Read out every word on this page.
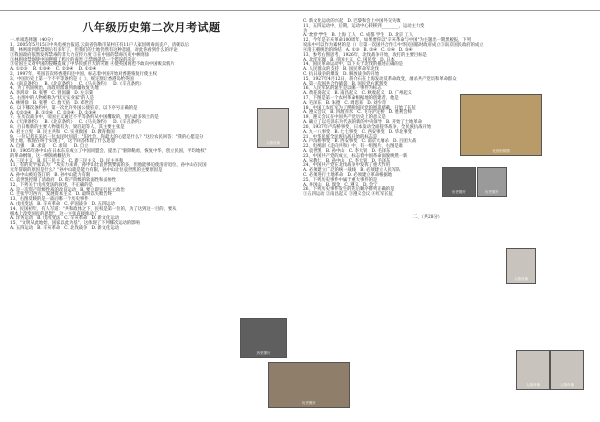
八年级历史第二次月考试题

一.单项选择题（40分）

1、2005年5月15日中央电视台报道,云南省弥勒市某村庄有11户人家因吸毒而丧户，清朝以后

期，林则徐到新禁烟后有多年了，但我们的土地仍然有这种悲剧，对此你看到什么的评论

①我国政府依然发挥禁毒的非大力宣传力度 ②在中国的禁毒历史中林则徐

①林则徐禁烟使中国摆脱了鸦片的毒害 ②禁烟就是一个错误的决定

③帝国主义对中国的侵略造成了中华民族巨大的灾难 ④使英国再也不敢向中国贩卖鸦片

A. ①②③    B. ①③④    C. ②③④    D. ①②④

2、1997年，英国首次将香港归还中国，标志着中国开始对香港恢复行使主权

3、中国历史上第一个不平等条约是《  》，规定割让香港岛给英国

A.《南京条约》   B.《北京条约》   C.《马关条约》   D.《辛丑条约》

4、为了巩固统治，清政府派谁到新疆收复失地

A. 李鸿章   B. 张謇   C. 曾国藩   D. 左宗棠

5、右图中的人物被称为"状元实业家"的人是

A. 林则徐   B. 张謇   C. 詹天佑   D. 邓世昌

6、以下哪次条约中，第一次允许外国公使驻京，以下序号正确的是

A. ①②③④   B. ①②④   C. ②③④   D. ①③④

7、在历次战争中，帝国主义通过不平等条约从中国攫取的，割占最多领土的是

A.《天津条约》   B.《北京条约》   C.《马关条约》   D.《辛丑条约》

8、百日维新的主要人物康有为、梁启超等人，其主要主张是

A. 君主立宪   B. 民主共和   C. 实业救国   D. 教育救国

9、一位记者在采访一位农民时问道："旧社会，你最大的心愿是什么？"这位农民回答："我的心愿是分

到土地，我现在终于实现了"，这个回答体现了什么思想

A. 自强     B. 求富     C. 求知     D. 自立

10、1905年孙中山在日本东京成立了中国同盟会，提出了"驱除鞑虏，恢复中华，创立民国，平均地权"

的革命纲领，这一纲领被概括为

A. 三民主义   B. 旧三民主义   C. 新三民主义   D. 民主共和

11、有的史学家认为："从实力来讲，孙中山比袁世凯要弱的多，但他能够迫使清帝退位，孙中山在民国

元年辞职的原因是什么？"孙中山就是能力有限，孙中山让位袁世凯的主要原因是

A. 孙中山被迫签订的   B. 孙中山能力有限

C. 袁世凯控制了清政府   D. 资产阶级的软弱性和妥协性

12、下列关于戊戌变法的叙述，不正确的是

A. 是一次资产阶级性质的改良运动   B. 要立即实行民主政治

C. 主张学习西方，发展资本主义   D. 最终以失败告终

13、右图反映的是一战后哪一个历史事件

A. 戊戌变法   B. 辛亥革命   C. 护国战争   D. 五四运动

14、民国初年，有人写道："共和政体之下，民权是第一位的，为了达到这一目的，要从

根本上改变国民的思想"，这一主张直接推动了

A. 洋务运动   B. 戊戌变法   C. 辛亥革命   D. 新文化运动

15、"文明从此地始，国家以此为基"，这体现了下列哪次运动的影响

A. 五四运动   B. 辛亥革命   C. 北伐战争   D. 新文化运动

C. 新文化运动的兴起   D. 巴黎和会上中国外交失败

11、五四运动中，后期，运动中心转移到________，运动主力变

为________

A. 北京 学生   B. 上海 工人   C. 成都 学生   D. 北京 工人

12、今年是辛亥革命100周年，如果要你以"辛亥革命与中国"为主题出一期黑板报，下列

说法中可以作为素材的是（）①第一次国共合作②中华民国临时政府成立③南京国民政府的成立

④清王朝统治的终结   A. ①③   B. ②④   C. ①④   D. ③④

13、参考右图思考，1926年，北伐战争开始，攻打的主要目标是

A. 北洋军阀   B. 帝国主义   C. 国民党   D. 日本

14、国民革命运动中，以下关于北伐的描述正确的是

A. 人民群众的支持   B. 国民革命军北伐

C. 抗日战争的爆发   D. 解放战争的开始

15、1927年4月12日，蒋介石在上海发动反革命政变，屠杀共产党员和革命群众

A. 第一次国共合作破裂   B. 国民党右派叛变

16、人民军队的诞生是以哪一事件为标志

A. 黄花岗起义   B. 南昌起义   C. 秋收起义   D. 广州起义

17、下图是第一个农村革命根据地的创建者，他是

A. 毛泽东   B. 朱德   C. 周恩来   D. 刘少奇

18、中国工农红军为了摆脱国民党的围追堵截，开始了长征

A. 遵义会议   B. 四渡赤水   C. 飞夺泸定桥   D. 胜利会师

19、遵义会议在中国共产党历史上的意义是

A. 确立了以毛泽东为代表的新的中央领导   B. 开始了土地革命

20、1937年卢沟桥事变，日本发动全面侵华战争，全民族抗战开始

A. 九一八事变   B. 七七事变   C. 西安事变   D. 华北事变

21、中华民族全民族抗战开始的标志是

A. 卢沟桥事变   B. 西安事变   C. 南京大屠杀   D. 百团大战

22、电视剧《走向共和》中，有一组图片，右图是谁

A. 袁世凯   B. 孙中山   C. 李大钊   D. 毛泽东

23、中国共产党的成立，标志着中国革命面貌焕然一新

A. 宋教仁   B. 孙中山   C. 李大钊   D. 毛泽东

24、中国共产党在北伐战争中发挥了重大作用

A. 必须建立广泛的统一战线   B. 必须建立人民军队

C. 必须进行土地革命   D. 必须建立革命根据地

25、下列历史事件中属于重大事件的是

A. 井冈山   B. 瑞金   C. 遵义   D. 会宁

26、下列历史事件发生的先后顺序排列正确的是

①五四运动 ②南昌起义 ③遵义会议 ④红军长征

二、（共28分）

人物肖像
历史图片
北伐形势图
历史图片	历史图片
人物肖像
历史图片
人物肖像	人物肖像
